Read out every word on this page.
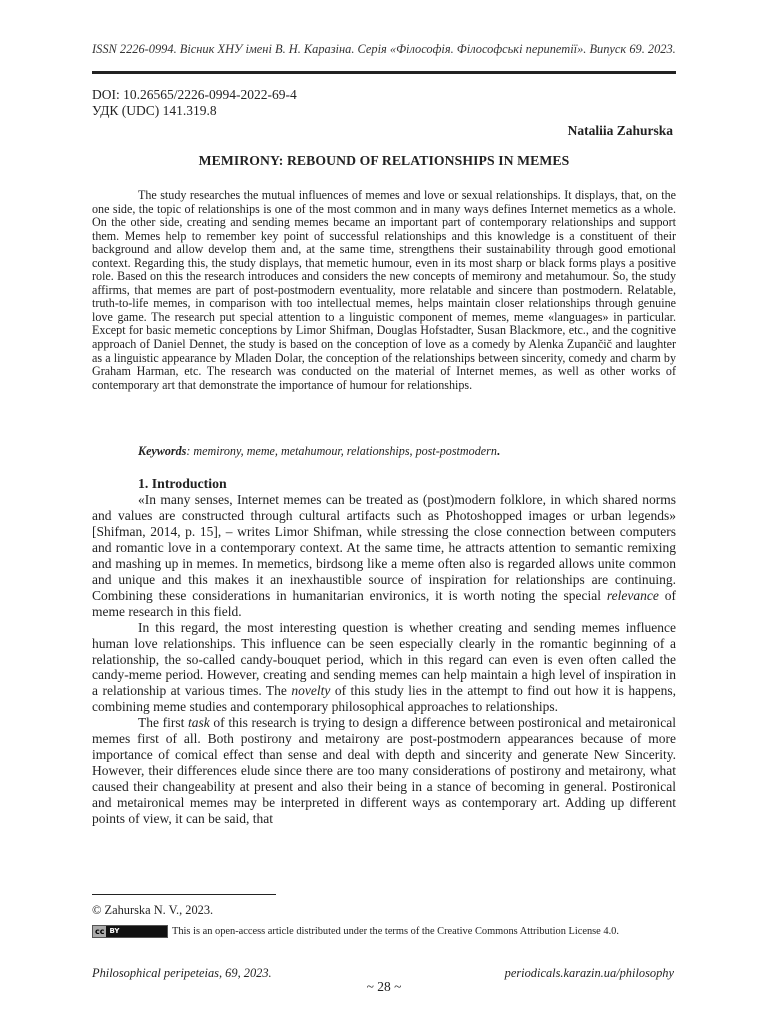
ISSN 2226-0994. Вісник ХНУ імені В. Н. Каразіна. Серія «Філософія. Філософські перипетії». Випуск 69. 2023.
DOI: 10.26565/2226-0994-2022-69-4
УДК (UDC) 141.319.8
Nataliia Zahurska
MEMIRONY: REBOUND OF RELATIONSHIPS IN MEMES

The study researches the mutual influences of memes and love or sexual relationships. It displays, that, on the one side, the topic of relationships is one of the most common and in many ways defines Internet memetics as a whole. On the other side, creating and sending memes became an important part of contemporary relationships and support them. Memes help to remember key point of successful relationships and this knowledge is a constituent of their background and allow develop them and, at the same time, strengthens their sustainability through good emotional context. Regarding this, the study displays, that memetic humour, even in its most sharp or black forms plays a positive role. Based on this the research introduces and considers the new concepts of memirony and metahumour. So, the study affirms, that memes are part of post-postmodern eventuality, more relatable and sincere than postmodern. Relatable, truth-to-life memes, in comparison with too intellectual memes, helps maintain closer relationships through genuine love game. The research put special attention to a linguistic component of memes, meme «languages» in particular. Except for basic memetic conceptions by Limor Shifman, Douglas Hofstadter, Susan Blackmore, etc., and the cognitive approach of Daniel Dennet, the study is based on the conception of love as a comedy by Alenka Zupančič and laughter as a linguistic appearance by Mladen Dolar, the conception of the relationships between sincerity, comedy and charm by Graham Harman, etc. The research was conducted on the material of Internet memes, as well as other works of contemporary art that demonstrate the importance of humour for relationships.

Keywords: memirony, meme, metahumour, relationships, post-postmodern.

1. Introduction

«In many senses, Internet memes can be treated as (post)modern folklore, in which shared norms and values are constructed through cultural artifacts such as Photoshopped images or urban legends» [Shifman, 2014, p. 15], – writes Limor Shifman, while stressing the close connection between computers and romantic love in a contemporary context. At the same time, he attracts attention to semantic remixing and mashing up in memes. In memetics, birdsong like a meme often also is regarded allows unite common and unique and this makes it an inexhaustible source of inspiration for relationships are continuing. Combining these considerations in humanitarian environics, it is worth noting the special relevance of meme research in this field.

In this regard, the most interesting question is whether creating and sending memes influence human love relationships. This influence can be seen especially clearly in the romantic beginning of a relationship, the so-called candy-bouquet period, which in this regard can even is even often called the candy-meme period. However, creating and sending memes can help maintain a high level of inspiration in a relationship at various times. The novelty of this study lies in the attempt to find out how it is happens, combining meme studies and contemporary philosophical approaches to relationships.

The first task of this research is trying to design a difference between postironical and metaironical memes first of all. Both postirony and metairony are post-postmodern appearances because of more importance of comical effect than sense and deal with depth and sincerity and generate New Sincerity. However, their differences elude since there are too many considerations of postirony and metairony, what caused their changeability at present and also their being in a stance of becoming in general. Postironical and metaironical memes may be interpreted in different ways as contemporary art. Adding up different points of view, it can be said, that

© Zahurska N. V., 2023.
cc BY	This is an open-access article distributed under the terms of the Creative Commons Attribution License 4.0.
Philosophical peripeteias, 69, 2023.	periodicals.karazin.ua/philosophy
~ 28 ~
